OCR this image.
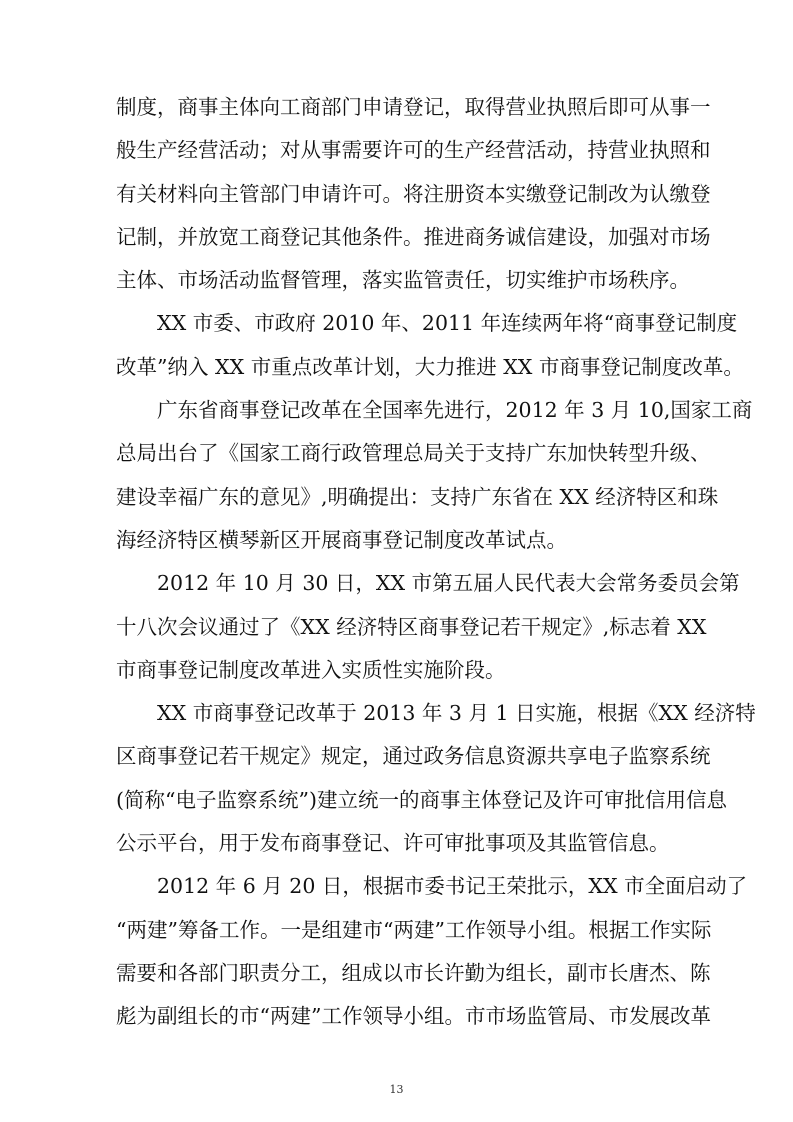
制度，商事主体向工商部门申请登记，取得营业执照后即可从事一
般生产经营活动；对从事需要许可的生产经营活动，持营业执照和
有关材料向主管部门申请许可。将注册资本实缴登记制改为认缴登
记制，并放宽工商登记其他条件。推进商务诚信建设，加强对市场
主体、市场活动监督管理，落实监管责任，切实维护市场秩序。
XX 市委、市政府 2010 年、2011 年连续两年将“商事登记制度
改革”纳入 XX 市重点改革计划，大力推进 XX 市商事登记制度改革。
广东省商事登记改革在全国率先进行，2012 年 3 月 10,国家工商
总局出台了《国家工商行政管理总局关于支持广东加快转型升级、
建设幸福广东的意见》,明确提出：支持广东省在 XX 经济特区和珠
海经济特区横琴新区开展商事登记制度改革试点。
2012 年 10 月 30 日，XX 市第五届人民代表大会常务委员会第
十八次会议通过了《XX 经济特区商事登记若干规定》,标志着 XX
市商事登记制度改革进入实质性实施阶段。
XX 市商事登记改革于 2013 年 3 月 1 日实施，根据《XX 经济特
区商事登记若干规定》规定，通过政务信息资源共享电子监察系统
(简称“电子监察系统”)建立统一的商事主体登记及许可审批信用信息
公示平台，用于发布商事登记、许可审批事项及其监管信息。
2012 年 6 月 20 日，根据市委书记王荣批示，XX 市全面启动了
“两建”筹备工作。一是组建市“两建”工作领导小组。根据工作实际
需要和各部门职责分工，组成以市长许勤为组长，副市长唐杰、陈
彪为副组长的市“两建”工作领导小组。市市场监管局、市发展改革
13
